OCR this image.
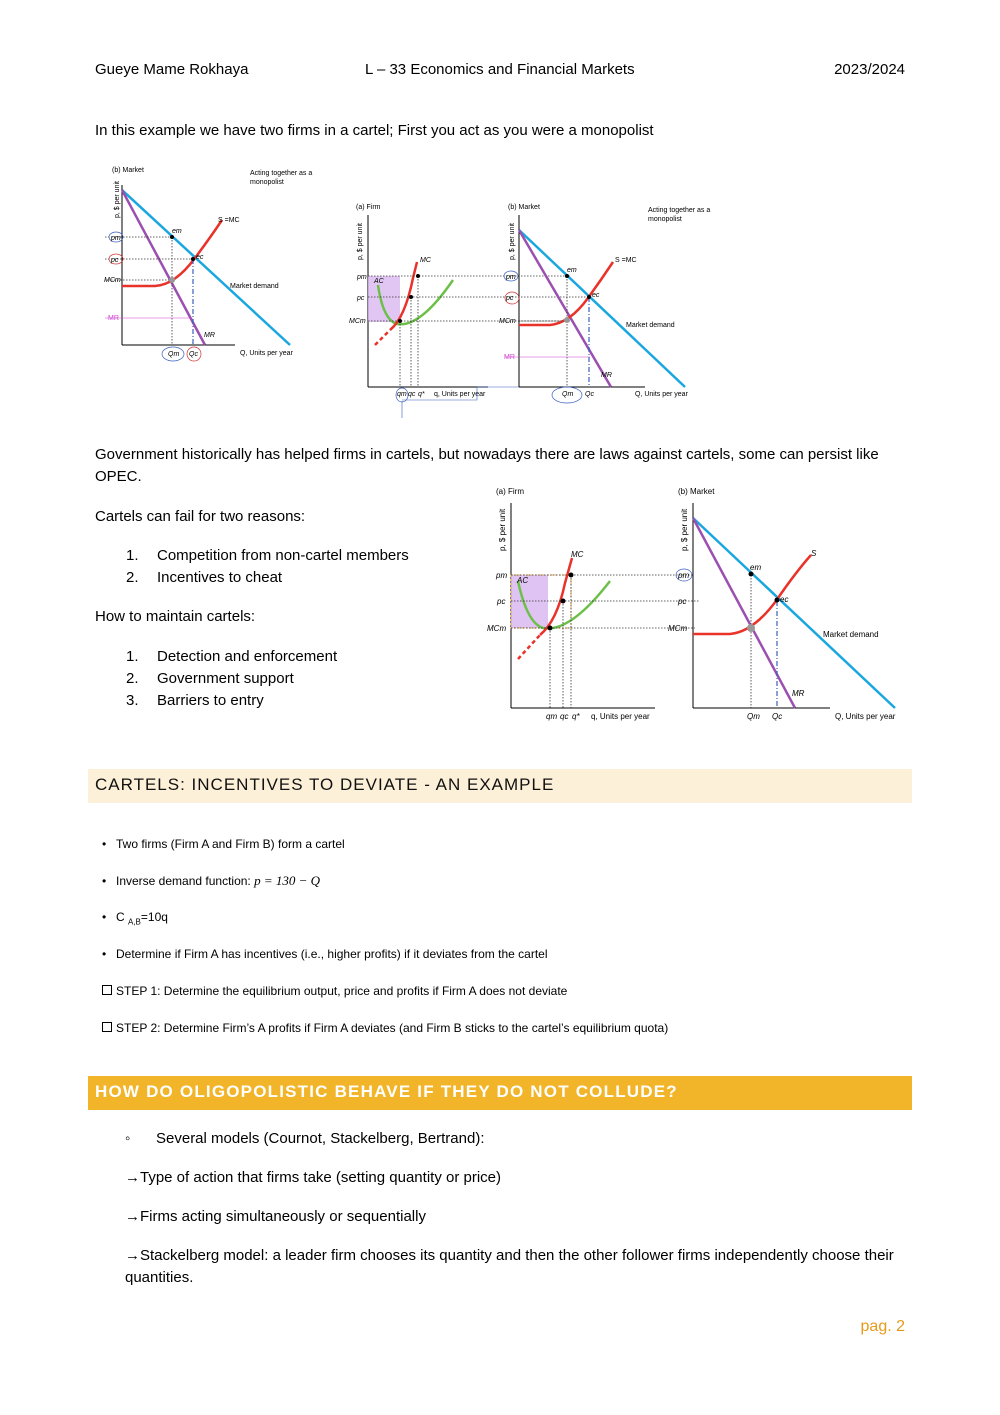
Gueye Mame Rokhaya	L – 33 Economics and Financial Markets	2023/2024
In this example we have two firms in a cartel; First you act as you were a monopolist
(b) Market	Acting together as a
monopolist
p, $ per unit
em
ec
pm
pc
MCm
MR
MR
S =MC
Market demand
Qm Qc	Q, Units per year
(a) Firm
p, $ per unit
MC
AC
pm
pc
MCm
qm qc q* q, Units per year
(b) Market	Acting together as a
monopolist
p, $ per unit
em
ec
pm
pc
MCm
MR
MR
S =MC
Market demand
Qm Qc	Q, Units per year
Government historically has helped firms in cartels, but nowadays there are laws against cartels, some can persist like OPEC.
Cartels can fail for two reasons:
1. Competition from non-cartel members
2. Incentives to cheat
How to maintain cartels:
1. Detection and enforcement
2. Government support
3. Barriers to entry
(a) Firm
p, $ per unit
MC
AC
pm
pc
MCm
qm qc q* q, Units per year
(b) Market
p, $ per unit
em
ec
pm
pc
MCm
S
Market demand
MR
Qm Qc	Q, Units per year
CARTELS: INCENTIVES TO DEVIATE - AN EXAMPLE
• Two firms (Firm A and Firm B) form a cartel
• Inverse demand function: p = 130 − Q
• C $_{A,B}$=10q
• Determine if Firm A has incentives (i.e., higher profits) if it deviates from the cartel
STEP 1: Determine the equilibrium output, price and profits if Firm A does not deviate
STEP 2: Determine Firm’s A profits if Firm A deviates (and Firm B sticks to the cartel’s equilibrium quota)
HOW DO OLIGOPOLISTIC BEHAVE IF THEY DO NOT COLLUDE?
◦ Several models (Cournot, Stackelberg, Bertrand):
→Type of action that firms take (setting quantity or price)
→Firms acting simultaneously or sequentially
→Stackelberg model: a leader firm chooses its quantity and then the other follower firms independently choose their quantities.
pag. 2
